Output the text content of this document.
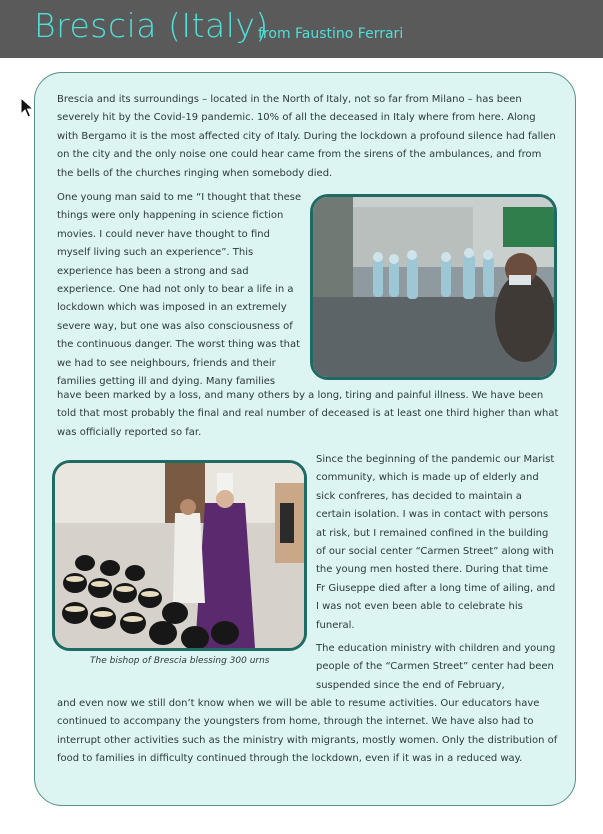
Brescia (Italy)
from Faustino Ferrari

Brescia and its surroundings – located in the North of Italy, not so far from Milano – has been severely hit by the Covid-19 pandemic. 10% of all the deceased in Italy where from here. Along with Bergamo it is the most affected city of Italy. During the lockdown a profound silence had fallen on the city and the only noise one could hear came from the sirens of the ambulances, and from the bells of the churches ringing when somebody died.

One young man said to me “I thought that these things were only happening in science fiction movies. I could never have thought to find myself living such an experience”. This experience has been a strong and sad experience. One had not only to bear a life in a lockdown which was imposed in an extremely severe way, but one was also consciousness of the continuous danger. The worst thing was that we had to see neighbours, friends and their families getting ill and dying. Many families

have been marked by a loss, and many others by a long, tiring and painful illness. We have been told that most probably the final and real number of deceased is at least one third higher than what was officially reported so far.

The bishop of Brescia blessing 300 urns

Since the beginning of the pandemic our Marist community, which is made up of elderly and sick confreres, has decided to maintain a certain isolation. I was in contact with persons at risk, but I remained confined in the building of our social center “Carmen Street” along with the young men hosted there. During that time Fr Giuseppe died after a long time of ailing, and I was not even been able to celebrate his funeral.

The education ministry with children and young people of the “Carmen Street” center had been suspended since the end of February,

and even now we still don’t know when we will be able to resume activities. Our educators have continued to accompany the youngsters from home, through the internet. We have also had to interrupt other activities such as the ministry with migrants, mostly women. Only the distribution of food to families in difficulty continued through the lockdown, even if it was in a reduced way.
